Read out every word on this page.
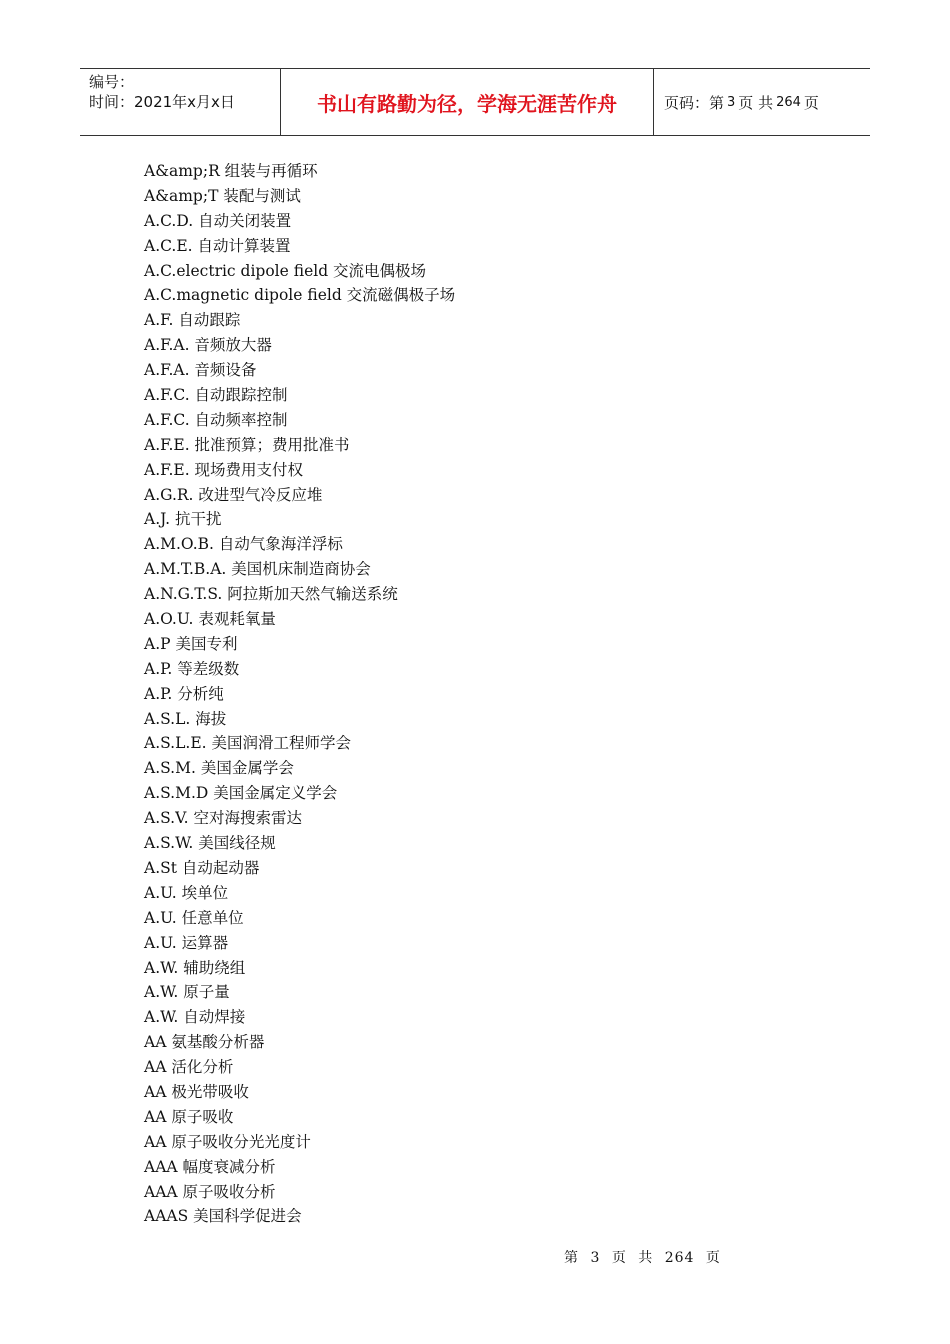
编号：
时间：2021年x月x日	书山有路勤为径，学海无涯苦作舟	页码：第 3 页 共 264 页
A&amp;R 组装与再循环
A&amp;T 装配与测试
A.C.D. 自动关闭装置
A.C.E. 自动计算装置
A.C.electric dipole field 交流电偶极场
A.C.magnetic dipole field 交流磁偶极子场
A.F. 自动跟踪
A.F.A. 音频放大器
A.F.A. 音频设备
A.F.C. 自动跟踪控制
A.F.C. 自动频率控制
A.F.E. 批准预算；费用批准书
A.F.E. 现场费用支付权
A.G.R. 改进型气冷反应堆
A.J. 抗干扰
A.M.O.B. 自动气象海洋浮标
A.M.T.B.A. 美国机床制造商协会
A.N.G.T.S. 阿拉斯加天然气输送系统
A.O.U. 表观耗氧量
A.P 美国专利
A.P. 等差级数
A.P. 分析纯
A.S.L. 海拔
A.S.L.E. 美国润滑工程师学会
A.S.M. 美国金属学会
A.S.M.D 美国金属定义学会
A.S.V. 空对海搜索雷达
A.S.W. 美国线径规
A.St 自动起动器
A.U. 埃单位
A.U. 任意单位
A.U. 运算器
A.W. 辅助绕组
A.W. 原子量
A.W. 自动焊接
AA 氨基酸分析器
AA 活化分析
AA 极光带吸收
AA 原子吸收
AA 原子吸收分光光度计
AAA 幅度衰减分析
AAA 原子吸收分析
AAAS 美国科学促进会
第 3 页 共 264 页
